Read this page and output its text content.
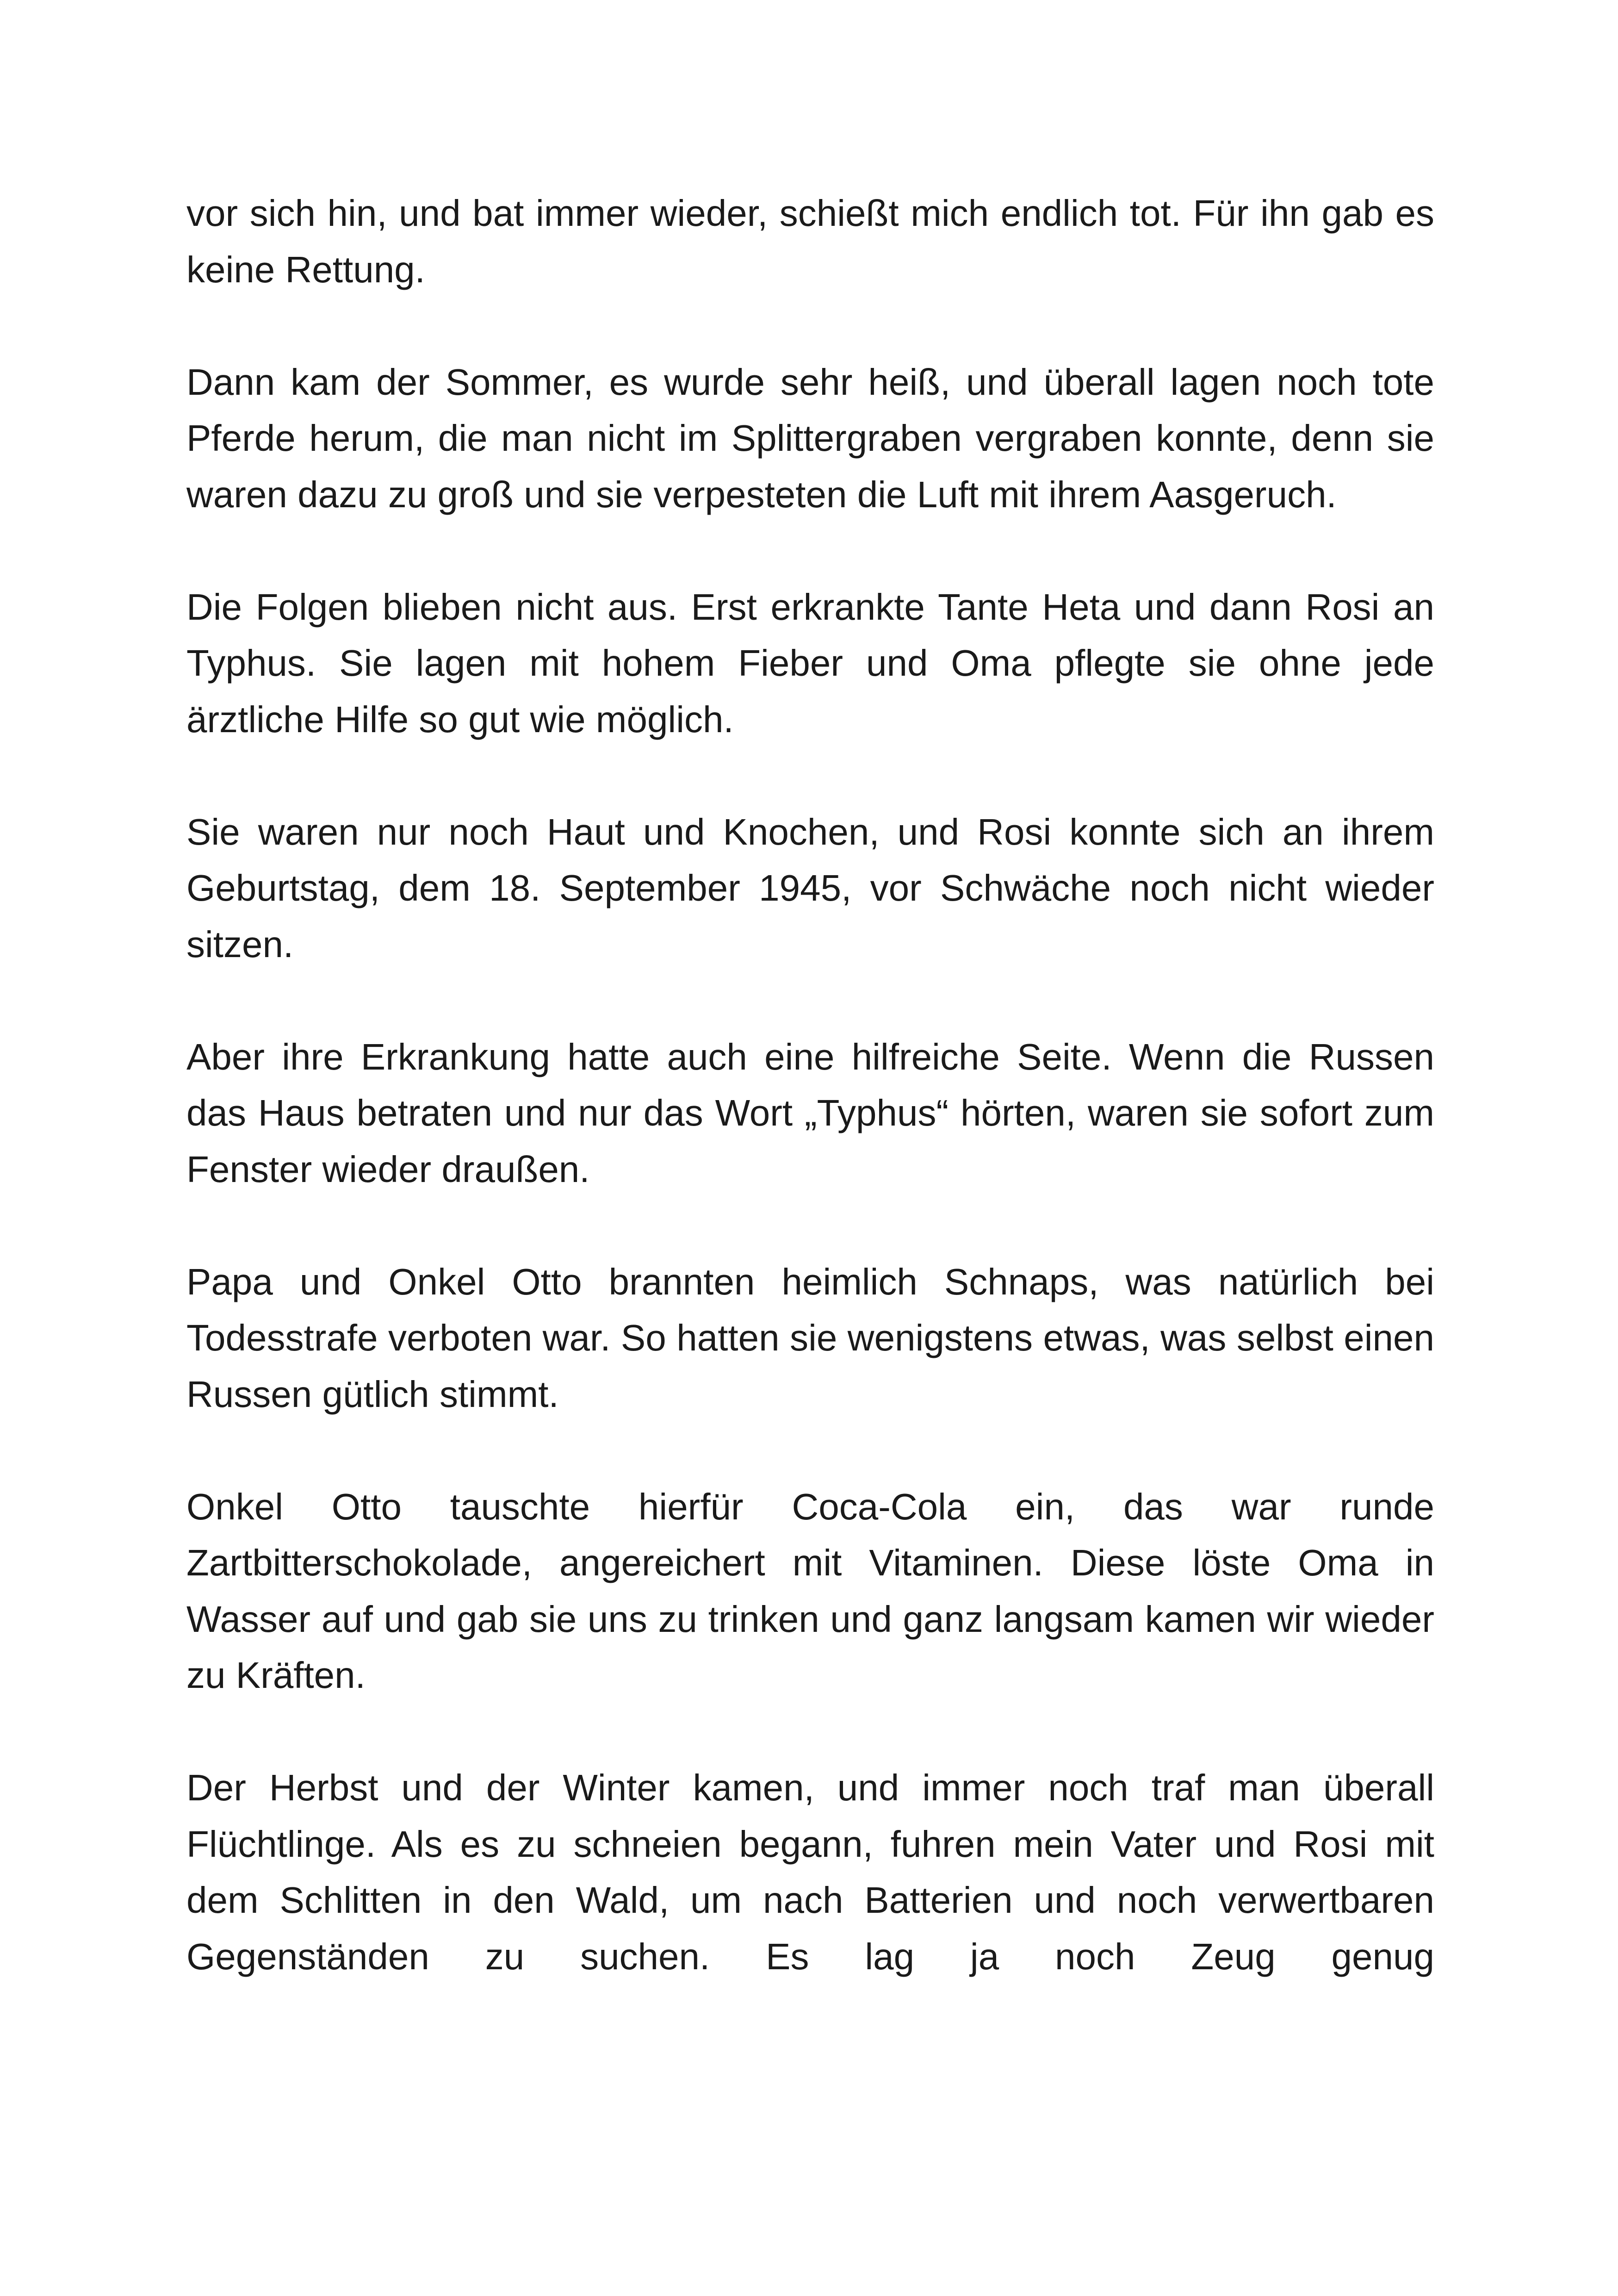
vor sich hin, und bat immer wieder, schießt mich endlich tot. Für ihn gab es keine Rettung.

Dann kam der Sommer, es wurde sehr heiß, und überall lagen noch tote Pferde herum, die man nicht im Splittergraben vergraben konnte, denn sie waren dazu zu groß und sie verpesteten die Luft mit ihrem Aasgeruch.

Die Folgen blieben nicht aus. Erst erkrankte Tante Heta und dann Rosi an Typhus. Sie lagen mit hohem Fieber und Oma pflegte sie ohne jede ärztliche Hilfe so gut wie möglich.

Sie waren nur noch Haut und Knochen, und Rosi konnte sich an ihrem Geburtstag, dem 18. September 1945, vor Schwäche noch nicht wieder sitzen.

Aber ihre Erkrankung hatte auch eine hilfreiche Seite. Wenn die Russen das Haus betraten und nur das Wort „Typhus“ hörten, waren sie sofort zum Fenster wieder draußen.

Papa und Onkel Otto brannten heimlich Schnaps, was natürlich bei Todesstrafe verboten war. So hatten sie wenigstens etwas, was selbst einen Russen gütlich stimmt.

Onkel Otto tauschte hierfür Coca-Cola ein, das war runde Zartbitterschokolade, angereichert mit Vitaminen. Diese löste Oma in Wasser auf und gab sie uns zu trinken und ganz langsam kamen wir wieder zu Kräften.

Der Herbst und der Winter kamen, und immer noch traf man überall Flüchtlinge. Als es zu schneien begann, fuhren mein Vater und Rosi mit dem Schlitten in den Wald, um nach Batterien und noch verwertbaren Gegenständen zu suchen. Es lag ja noch Zeug genug
